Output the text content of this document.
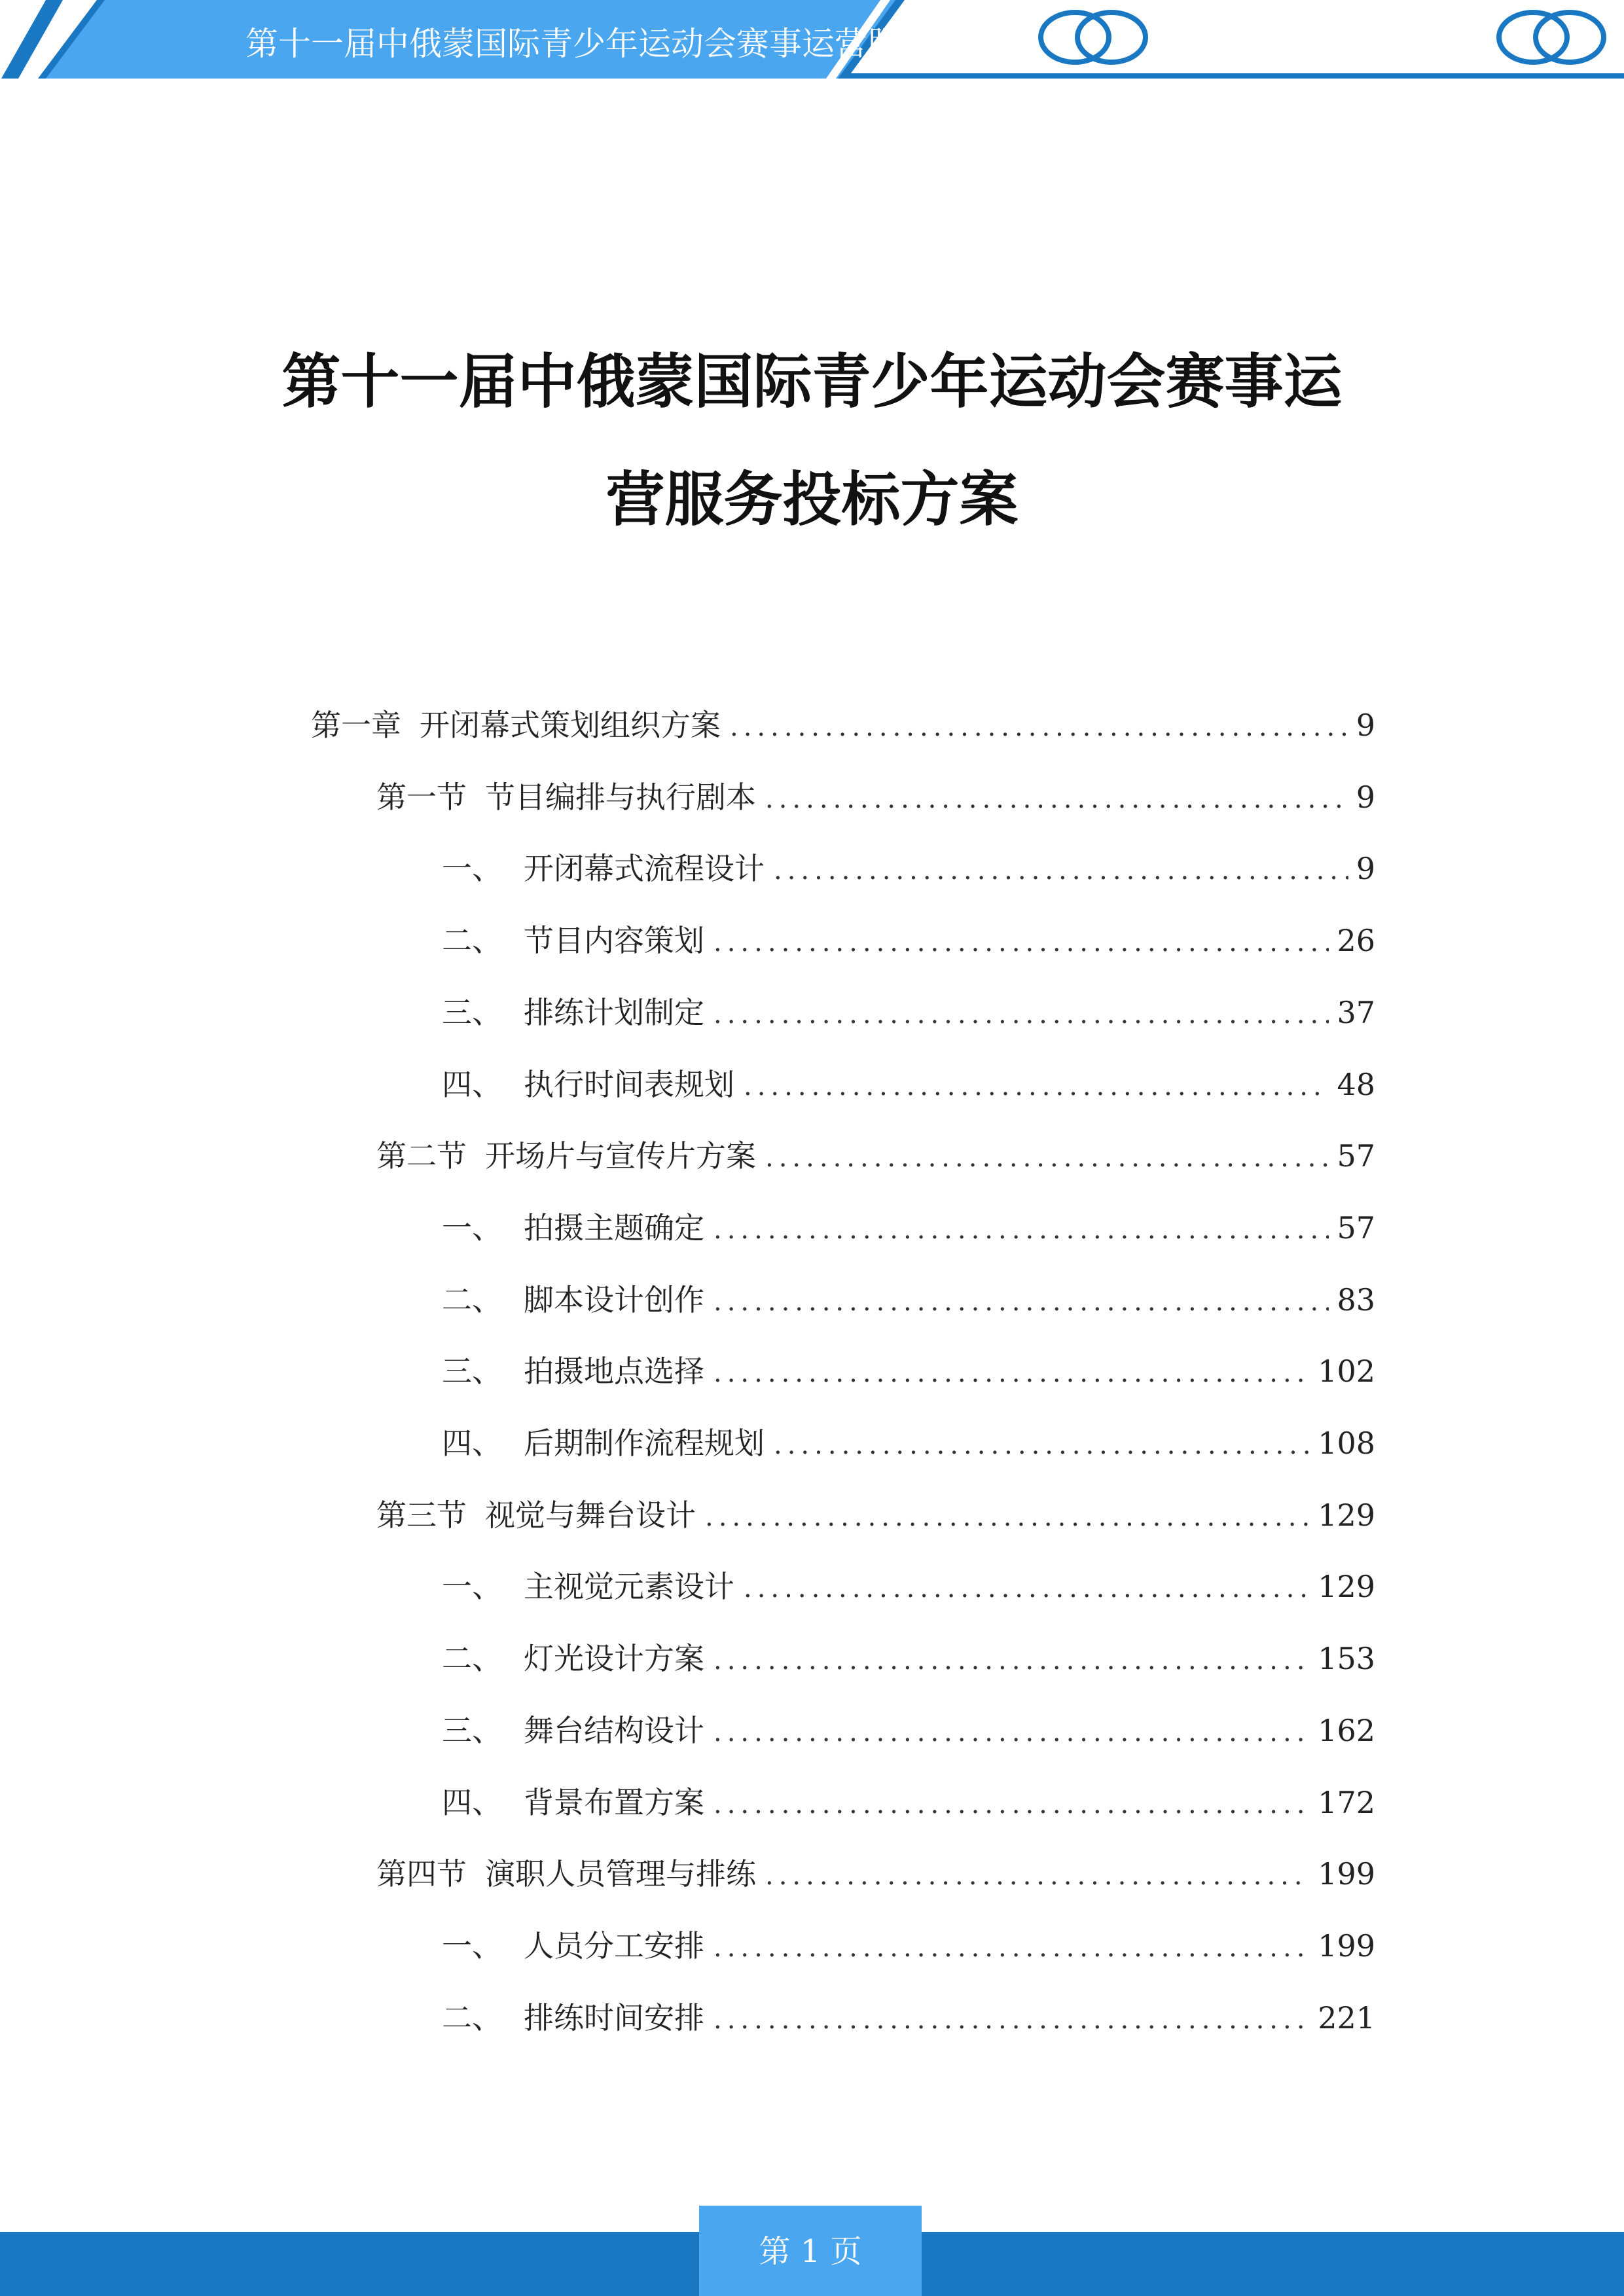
第十一届中俄蒙国际青少年运动会赛事运营服务投标方案
第十一届中俄蒙国际青少年运动会赛事运
营服务投标方案
第一章 开闭幕式策划组织方案 .....	9
第一节 节目编排与执行剧本 .....	9
一、 开闭幕式流程设计 .....	9
二、 节目内容策划 .....	26
三、 排练计划制定 .....	37
四、 执行时间表规划 .....	48
第二节 开场片与宣传片方案 .....	57
一、 拍摄主题确定 .....	57
二、 脚本设计创作 .....	83
三、 拍摄地点选择 .....	102
四、 后期制作流程规划 .....	108
第三节 视觉与舞台设计 .....	129
一、 主视觉元素设计 .....	129
二、 灯光设计方案 .....	153
三、 舞台结构设计 .....	162
四、 背景布置方案 .....	172
第四节 演职人员管理与排练 .....	199
一、 人员分工安排 .....	199
二、 排练时间安排 .....	221
第 1 页
